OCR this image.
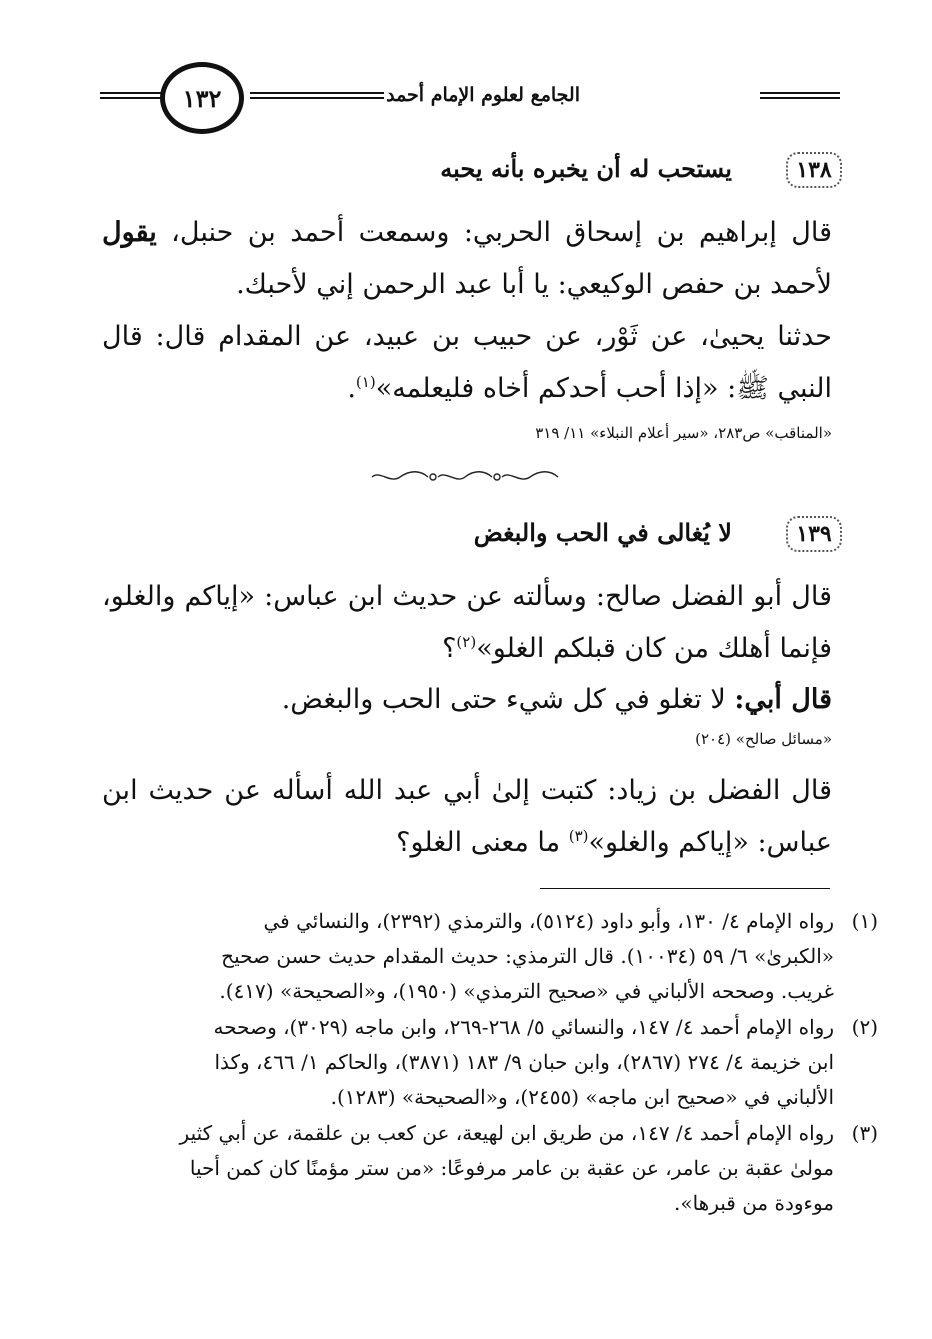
الجامع لعلوم الإمام أحمد
١٣٢
١٣٨
يستحب له أن يخبره بأنه يحبه
قال إبراهيم بن إسحاق الحربي: وسمعت أحمد بن حنبل، يقول لأحمد بن حفص الوكيعي: يا أبا عبد الرحمن إني لأحبك.
حدثنا يحيىٰ، عن ثَوْر، عن حبيب بن عبيد، عن المقدام قال: قال النبي ﷺ: «إذا أحب أحدكم أخاه فليعلمه»$^{(١)}$.
«المناقب» ص٢٨٣، «سير أعلام النبلاء» ١١/ ٣١٩
١٣٩
لا يُغالى في الحب والبغض
قال أبو الفضل صالح: وسألته عن حديث ابن عباس: «إياكم والغلو، فإنما أهلك من كان قبلكم الغلو»$^{(٢)}$؟
قال أبي: لا تغلو في كل شيء حتى الحب والبغض.
«مسائل صالح» (٢٠٤)
قال الفضل بن زياد: كتبت إلىٰ أبي عبد الله أسأله عن حديث ابن عباس: «إياكم والغلو»$^{(٣)}$ ما معنى الغلو؟
(١)
رواه الإمام ٤/ ١٣٠، وأبو داود (٥١٢٤)، والترمذي (٢٣٩٢)، والنسائي في
«الكبرىٰ» ٦/ ٥٩ (١٠٠٣٤). قال الترمذي: حديث المقدام حديث حسن صحيح
غريب. وصححه الألباني في «صحيح الترمذي» (١٩٥٠)، و«الصحيحة» (٤١٧).
(٢)
رواه الإمام أحمد ٤/ ١٤٧، والنسائي ٥/ ٢٦٨-٢٦٩، وابن ماجه (٣٠٢٩)، وصححه
ابن خزيمة ٤/ ٢٧٤ (٢٨٦٧)، وابن حبان ٩/ ١٨٣ (٣٨٧١)، والحاكم ١/ ٤٦٦، وكذا
الألباني في «صحيح ابن ماجه» (٢٤٥٥)، و«الصحيحة» (١٢٨٣).
(٣)
رواه الإمام أحمد ٤/ ١٤٧، من طريق ابن لهيعة، عن كعب بن علقمة، عن أبي كثير
مولىٰ عقبة بن عامر، عن عقبة بن عامر مرفوعًا: «من ستر مؤمنًا كان كمن أحيا
موءودة من قبرها».
